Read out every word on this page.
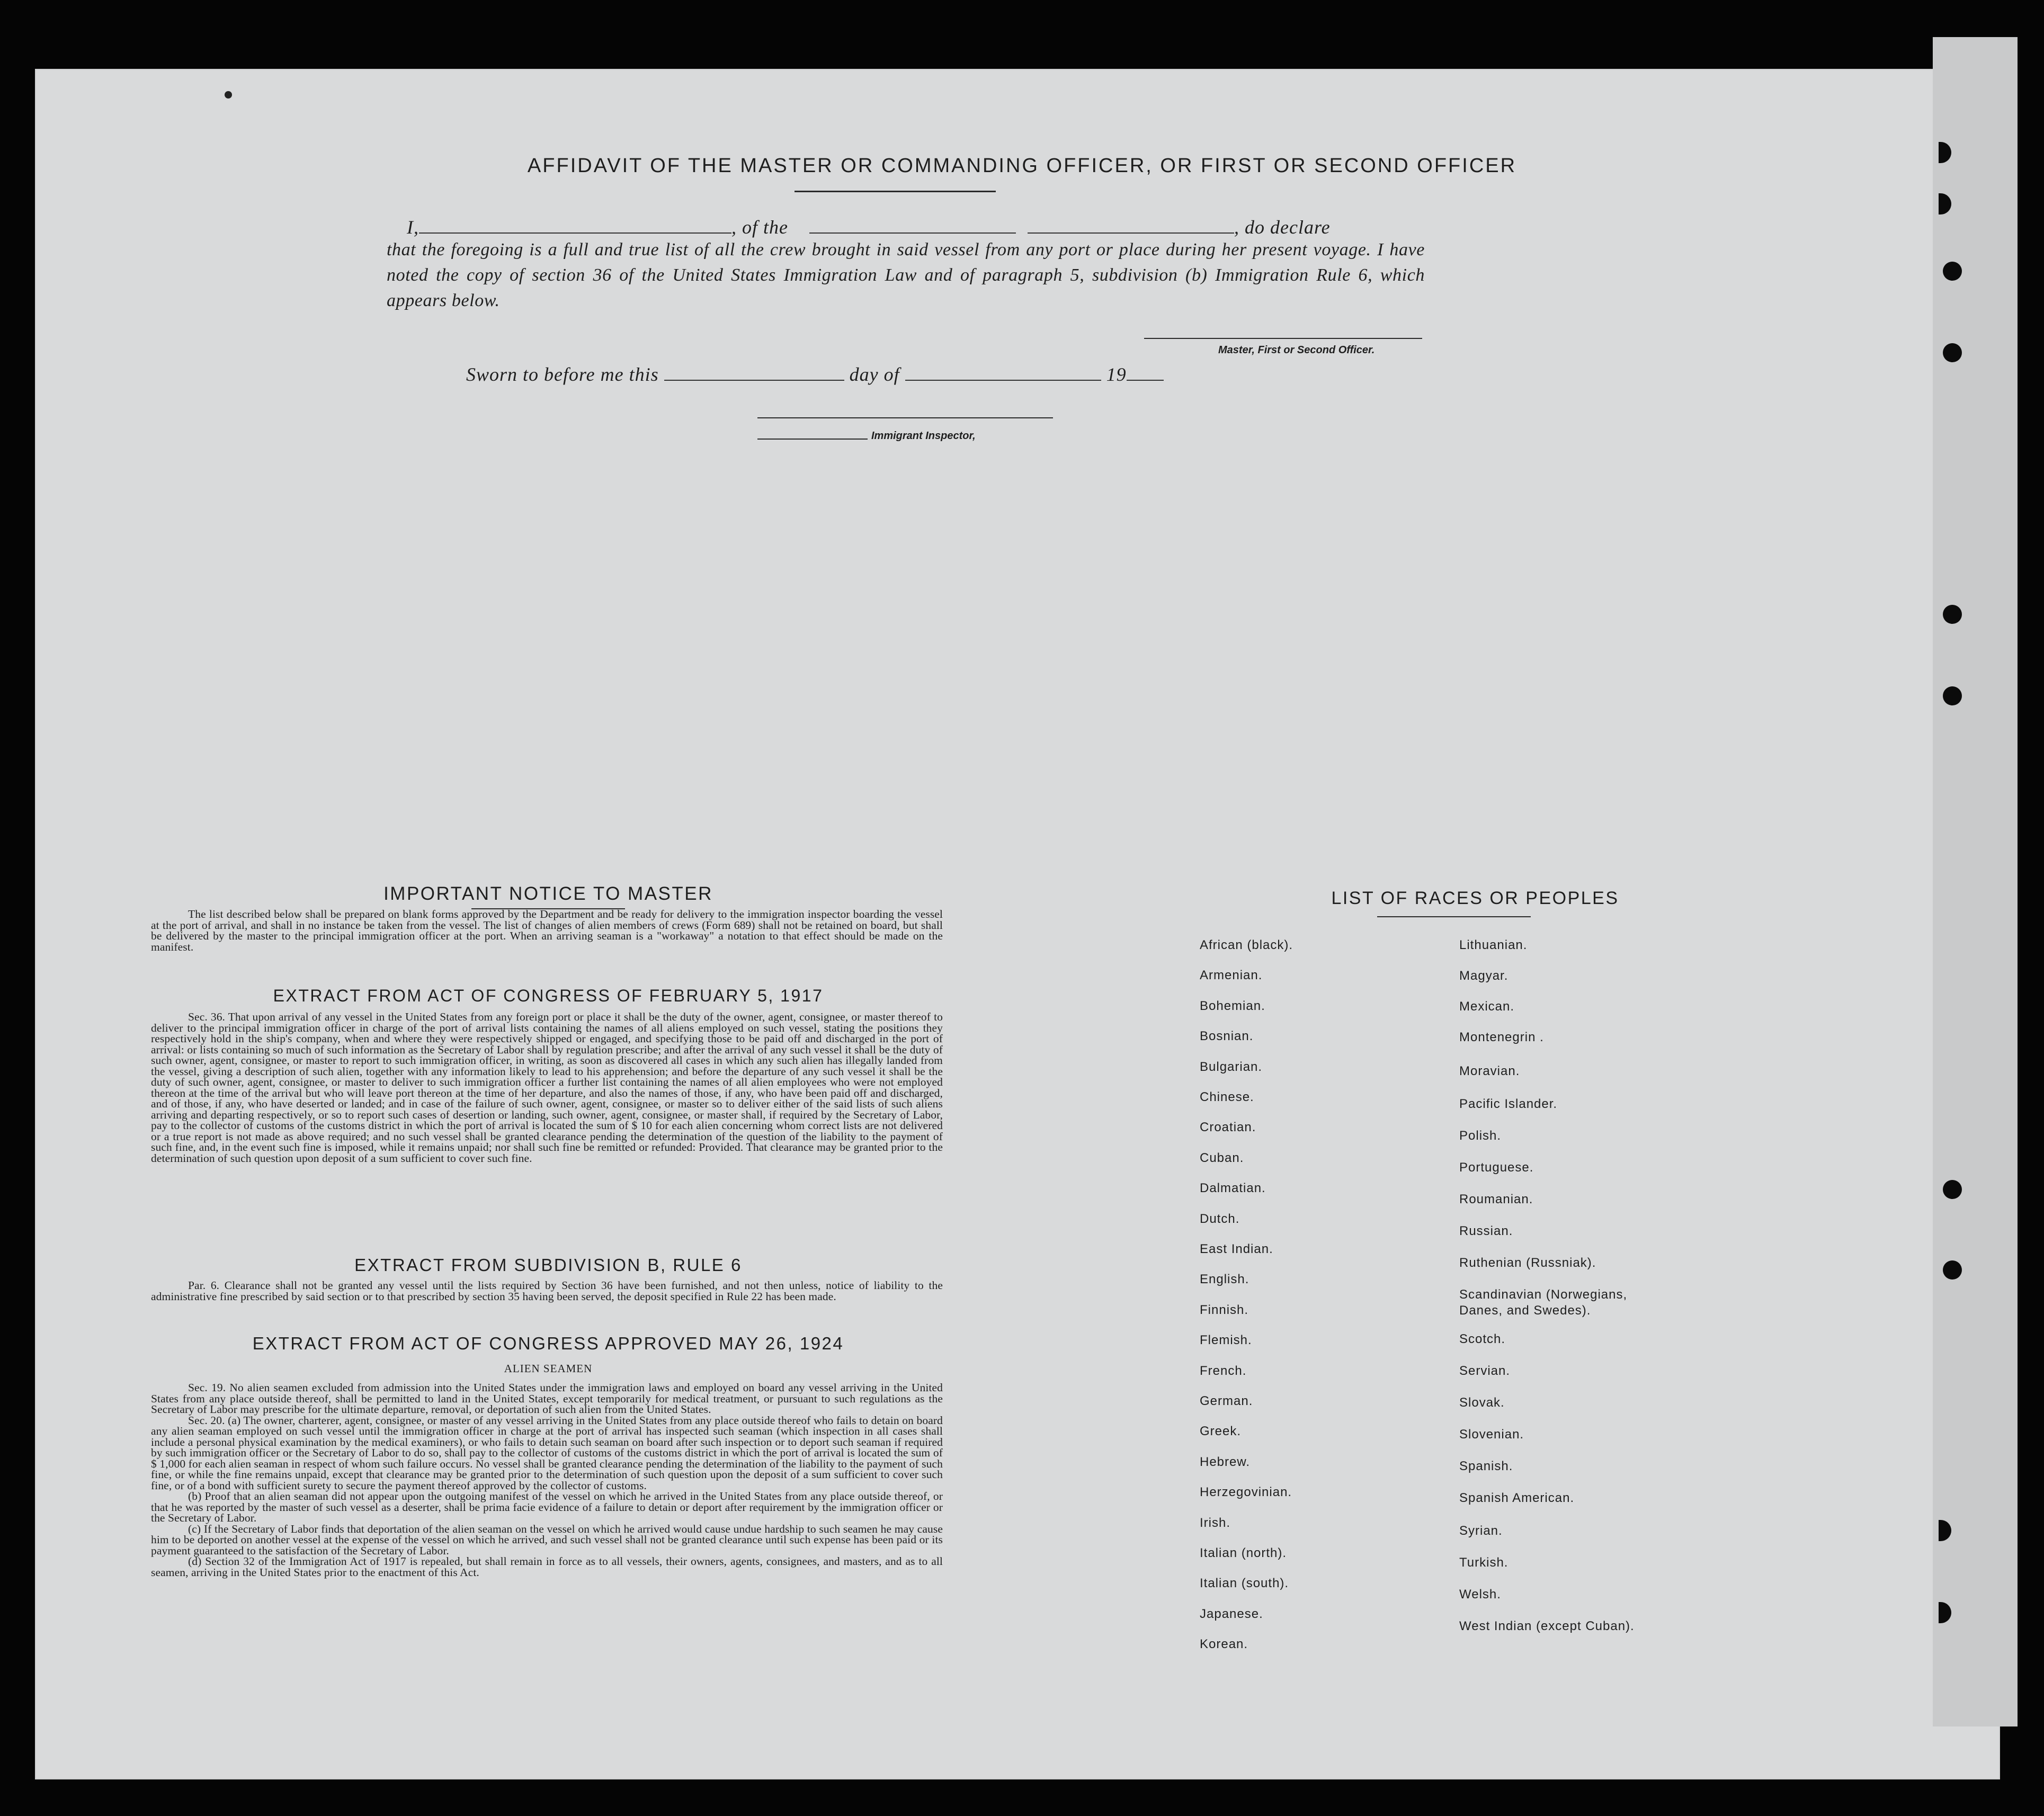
AFFIDAVIT OF THE MASTER OR COMMANDING OFFICER, OR FIRST OR SECOND OFFICER
I,	, of the	, do declare
that the foregoing is a full and true list of all the crew brought in said vessel from any port or place during her present voyage. I have noted the copy of section 36 of the United States Immigration Law and of paragraph 5, subdivision (b) Immigration Rule 6, which appears below.
Master, First or Second Officer.
Sworn to before me this	day of	19
Immigrant Inspector,
IMPORTANT NOTICE TO MASTER

The list described below shall be prepared on blank forms approved by the Department and be ready for delivery to the immigration inspector boarding the vessel at the port of arrival, and shall in no instance be taken from the vessel. The list of changes of alien members of crews (Form 689) shall not be retained on board, but shall be delivered by the master to the principal immigration officer at the port. When an arriving seaman is a "workaway" a notation to that effect should be made on the manifest.

EXTRACT FROM ACT OF CONGRESS OF FEBRUARY 5, 1917

Sec. 36. That upon arrival of any vessel in the United States from any foreign port or place it shall be the duty of the owner, agent, consignee, or master thereof to deliver to the principal immigration officer in charge of the port of arrival lists containing the names of all aliens employed on such vessel, stating the positions they respectively hold in the ship's company, when and where they were respectively shipped or engaged, and specifying those to be paid off and discharged in the port of arrival: or lists containing so much of such information as the Secretary of Labor shall by regulation prescribe; and after the arrival of any such vessel it shall be the duty of such owner, agent, consignee, or master to report to such immigration officer, in writing, as soon as discovered all cases in which any such alien has illegally landed from the vessel, giving a description of such alien, together with any information likely to lead to his apprehension; and before the departure of any such vessel it shall be the duty of such owner, agent, consignee, or master to deliver to such immigration officer a further list containing the names of all alien employees who were not employed thereon at the time of the arrival but who will leave port thereon at the time of her departure, and also the names of those, if any, who have been paid off and discharged, and of those, if any, who have deserted or landed; and in case of the failure of such owner, agent, consignee, or master so to deliver either of the said lists of such aliens arriving and departing respectively, or so to report such cases of desertion or landing, such owner, agent, consignee, or master shall, if required by the Secretary of Labor, pay to the collector of customs of the customs district in which the port of arrival is located the sum of $ 10 for each alien concerning whom correct lists are not delivered or a true report is not made as above required; and no such vessel shall be granted clearance pending the determination of the question of the liability to the payment of such fine, and, in the event such fine is imposed, while it remains unpaid; nor shall such fine be remitted or refunded: Provided. That clearance may be granted prior to the determination of such question upon deposit of a sum sufficient to cover such fine.

EXTRACT FROM SUBDIVISION B, RULE 6

Par. 6. Clearance shall not be granted any vessel until the lists required by Section 36 have been furnished, and not then unless, notice of liability to the administrative fine prescribed by said section or to that prescribed by section 35 having been served, the deposit specified in Rule 22 has been made.

EXTRACT FROM ACT OF CONGRESS APPROVED MAY 26, 1924
ALIEN SEAMEN

Sec. 19. No alien seamen excluded from admission into the United States under the immigration laws and employed on board any vessel arriving in the United States from any place outside thereof, shall be permitted to land in the United States, except temporarily for medical treatment, or pursuant to such regulations as the Secretary of Labor may prescribe for the ultimate departure, removal, or deportation of such alien from the United States.

Sec. 20. (a) The owner, charterer, agent, consignee, or master of any vessel arriving in the United States from any place outside thereof who fails to detain on board any alien seaman employed on such vessel until the immigration officer in charge at the port of arrival has inspected such seaman (which inspection in all cases shall include a personal physical examination by the medical examiners), or who fails to detain such seaman on board after such inspection or to deport such seaman if required by such immigration officer or the Secretary of Labor to do so, shall pay to the collector of customs of the customs district in which the port of arrival is located the sum of $ 1,000 for each alien seaman in respect of whom such failure occurs. No vessel shall be granted clearance pending the determination of the liability to the payment of such fine, or while the fine remains unpaid, except that clearance may be granted prior to the determination of such question upon the deposit of a sum sufficient to cover such fine, or of a bond with sufficient surety to secure the payment thereof approved by the collector of customs.

(b) Proof that an alien seaman did not appear upon the outgoing manifest of the vessel on which he arrived in the United States from any place outside thereof, or that he was reported by the master of such vessel as a deserter, shall be prima facie evidence of a failure to detain or deport after requirement by the immigration officer or the Secretary of Labor.

(c) If the Secretary of Labor finds that deportation of the alien seaman on the vessel on which he arrived would cause undue hardship to such seamen he may cause him to be deported on another vessel at the expense of the vessel on which he arrived, and such vessel shall not be granted clearance until such expense has been paid or its payment guaranteed to the satisfaction of the Secretary of Labor.

(d) Section 32 of the Immigration Act of 1917 is repealed, but shall remain in force as to all vessels, their owners, agents, consignees, and masters, and as to all seamen, arriving in the United States prior to the enactment of this Act.

LIST OF RACES OR PEOPLES
African (black).
Armenian.
Bohemian.
Bosnian.
Bulgarian.
Chinese.
Croatian.
Cuban.
Dalmatian.
Dutch.
East Indian.
English.
Finnish.
Flemish.
French.
German.
Greek.
Hebrew.
Herzegovinian.
Irish.
Italian (north).
Italian (south).
Japanese.
Korean.
Lithuanian.
Magyar.
Mexican.
Montenegrin .
Moravian.
Pacific Islander.
Polish.
Portuguese.
Roumanian.
Russian.
Ruthenian (Russniak).
Scandinavian (Norwegians, Danes, and Swedes).
Scotch.
Servian.
Slovak.
Slovenian.
Spanish.
Spanish American.
Syrian.
Turkish.
Welsh.
West Indian (except Cuban).
